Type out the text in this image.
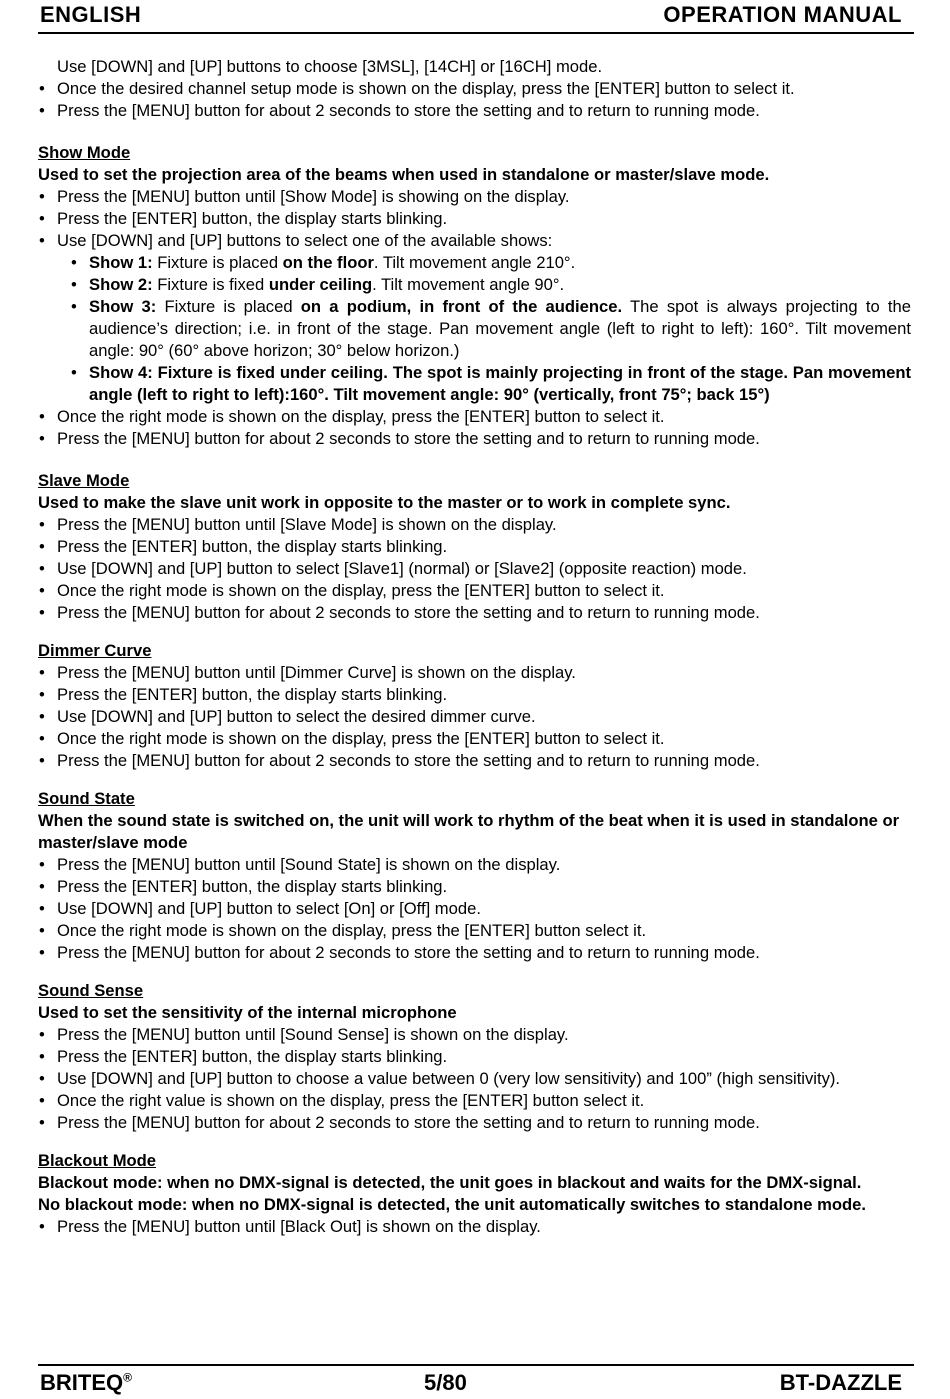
ENGLISH	OPERATION MANUAL

Use [DOWN] and [UP] buttons to choose [3MSL], [14CH] or [16CH] mode.

• Once the desired channel setup mode is shown on the display, press the [ENTER] button to select it.
• Press the [MENU] button for about 2 seconds to store the setting and to return to running mode.

Show Mode

Used to set the projection area of the beams when used in standalone or master/slave mode.

• Press the [MENU] button until [Show Mode] is showing on the display.
• Press the [ENTER] button, the display starts blinking.
• Use [DOWN] and [UP] buttons to select one of the available shows:
• Show 1: Fixture is placed on the floor. Tilt movement angle 210°.
• Show 2: Fixture is fixed under ceiling. Tilt movement angle 90°.
• Show 3: Fixture is placed on a podium, in front of the audience. The spot is always projecting to the audience’s direction; i.e. in front of the stage. Pan movement angle (left to right to left): 160°. Tilt movement angle: 90° (60° above horizon; 30° below horizon.)
• Show 4: Fixture is fixed under ceiling. The spot is mainly projecting in front of the stage. Pan movement angle (left to right to left):160°. Tilt movement angle: 90° (vertically, front 75°; back 15°)
• Once the right mode is shown on the display, press the [ENTER] button to select it.
• Press the [MENU] button for about 2 seconds to store the setting and to return to running mode.

Slave Mode

Used to make the slave unit work in opposite to the master or to work in complete sync.

• Press the [MENU] button until [Slave Mode] is shown on the display.
• Press the [ENTER] button, the display starts blinking.
• Use [DOWN] and [UP] button to select [Slave1] (normal) or [Slave2] (opposite reaction) mode.
• Once the right mode is shown on the display, press the [ENTER] button to select it.
• Press the [MENU] button for about 2 seconds to store the setting and to return to running mode.

Dimmer Curve

• Press the [MENU] button until [Dimmer Curve] is shown on the display.
• Press the [ENTER] button, the display starts blinking.
• Use [DOWN] and [UP] button to select the desired dimmer curve.
• Once the right mode is shown on the display, press the [ENTER] button to select it.
• Press the [MENU] button for about 2 seconds to store the setting and to return to running mode.

Sound State

When the sound state is switched on, the unit will work to rhythm of the beat when it is used in standalone or master/slave mode

• Press the [MENU] button until [Sound State] is shown on the display.
• Press the [ENTER] button, the display starts blinking.
• Use [DOWN] and [UP] button to select [On] or [Off] mode.
• Once the right mode is shown on the display, press the [ENTER] button select it.
• Press the [MENU] button for about 2 seconds to store the setting and to return to running mode.

Sound Sense

Used to set the sensitivity of the internal microphone

• Press the [MENU] button until [Sound Sense] is shown on the display.
• Press the [ENTER] button, the display starts blinking.
• Use [DOWN] and [UP] button to choose a value between 0 (very low sensitivity) and 100” (high sensitivity).
• Once the right value is shown on the display, press the [ENTER] button select it.
• Press the [MENU] button for about 2 seconds to store the setting and to return to running mode.

Blackout Mode

Blackout mode: when no DMX-signal is detected, the unit goes in blackout and waits for the DMX-signal.

No blackout mode: when no DMX-signal is detected, the unit automatically switches to standalone mode.

• Press the [MENU] button until [Black Out] is shown on the display.
BRITEQ®	5/80	BT-DAZZLE
